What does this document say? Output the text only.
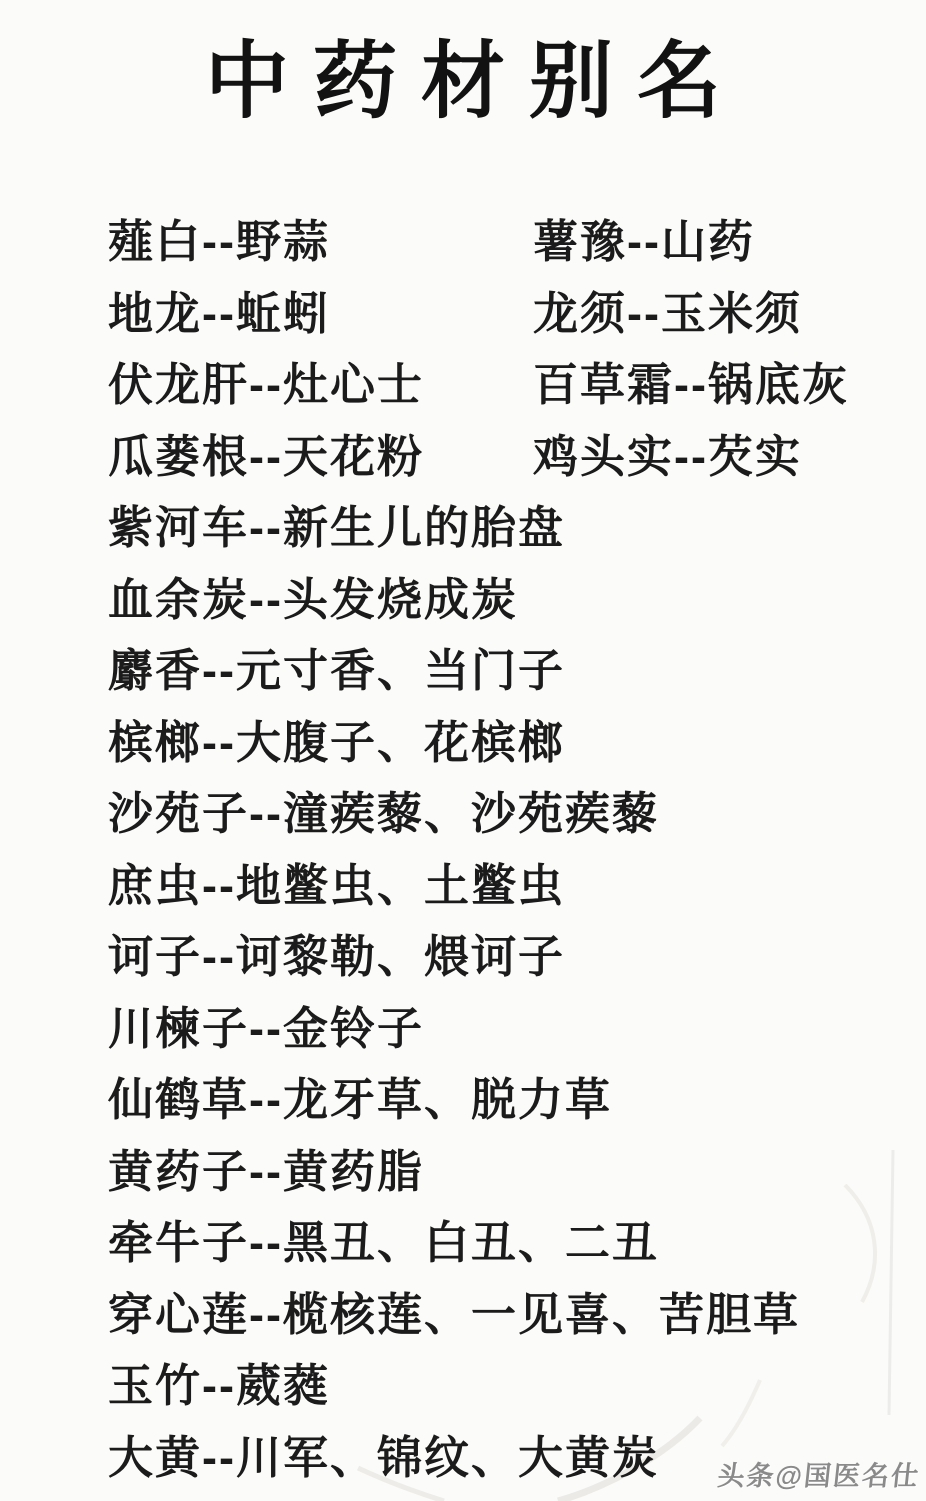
中药材别名
薤白--野蒜	薯豫--山药
地龙--蚯蚓	龙须--玉米须
伏龙肝--灶心士	百草霜--锅底灰
瓜蒌根--天花粉	鸡头实--芡实
紫河车--新生儿的胎盘
血余炭--头发烧成炭
麝香--元寸香、当门子
槟榔--大腹子、花槟榔
沙苑子--潼蒺藜、沙苑蒺藜
庶虫--地鳖虫、土鳖虫
诃子--诃黎勒、煨诃子
川楝子--金铃子
仙鹤草--龙牙草、脱力草
黄药子--黄药脂
牵牛子--黑丑、白丑、二丑
穿心莲--榄核莲、一见喜、苦胆草
玉竹--葳蕤
大黄--川军、锦纹、大黄炭 头条@国医名仕
